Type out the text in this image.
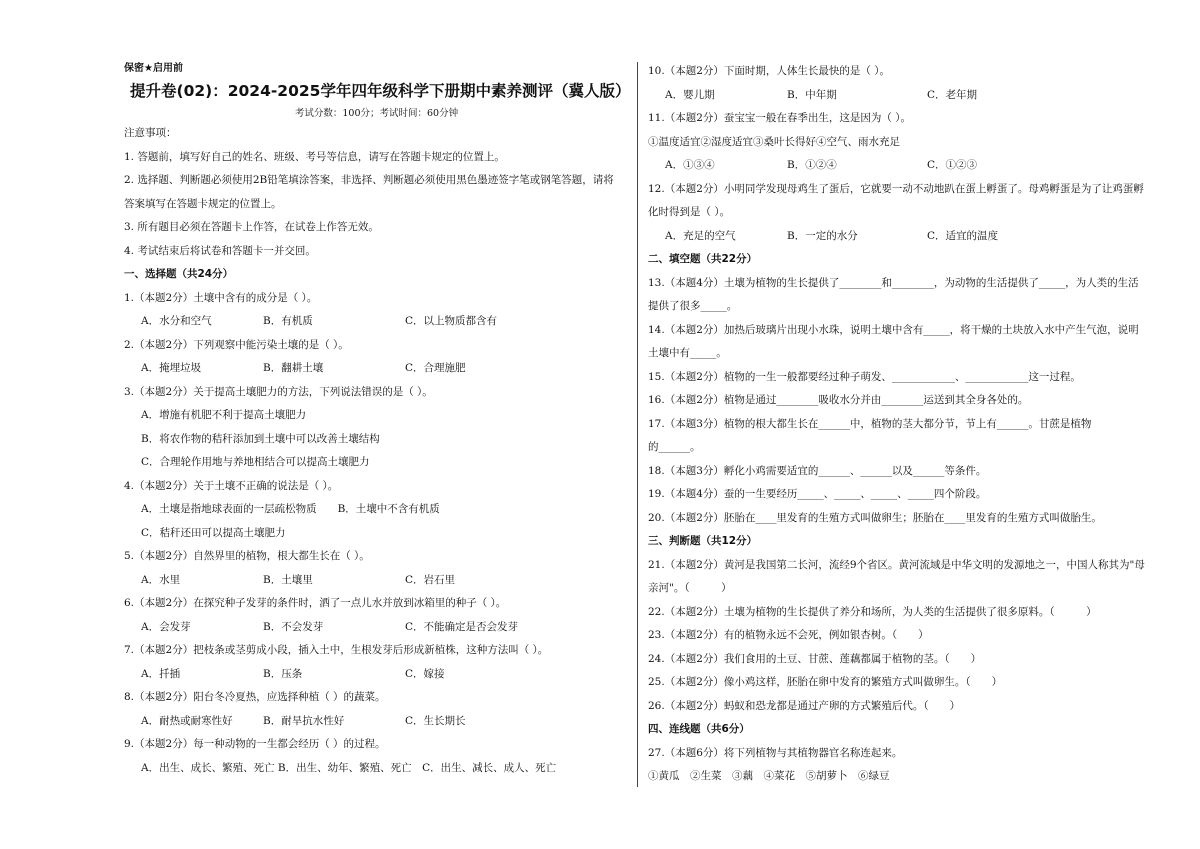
保密★启用前
提升卷(02)：2024-2025学年四年级科学下册期中素养测评（冀人版）
考试分数：100分；考试时间：60分钟
注意事项：
1. 答题前，填写好自己的姓名、班级、考号等信息，请写在答题卡规定的位置上。
2. 选择题、判断题必须使用2B铅笔填涂答案，非选择、判断题必须使用黑色墨迹签字笔或钢笔答题，请将
答案填写在答题卡规定的位置上。
3. 所有题目必须在答题卡上作答，在试卷上作答无效。
4. 考试结束后将试卷和答题卡一并交回。
一、选择题（共24分）
1.（本题2分）土壤中含有的成分是（ ）。
A．水分和空气	B．有机质	C．以上物质都含有
2.（本题2分）下列观察中能污染土壤的是（ ）。
A．掩埋垃圾	B．翻耕土壤	C．合理施肥
3.（本题2分）关于提高土壤肥力的方法，下列说法错误的是（ ）。
A．增施有机肥不利于提高土壤肥力
B．将农作物的秸秆添加到土壤中可以改善土壤结构
C．合理轮作用地与养地相结合可以提高土壤肥力
4.（本题2分）关于土壤不正确的说法是（ ）。
A．土壤是指地球表面的一层疏松物质　　B．土壤中不含有机质
C．秸秆还田可以提高土壤肥力
5.（本题2分）自然界里的植物，根大都生长在（ ）。
A．水里	B．土壤里	C．岩石里
6.（本题2分）在探究种子发芽的条件时，洒了一点儿水并放到冰箱里的种子（ ）。
A．会发芽	B．不会发芽	C．不能确定是否会发芽
7.（本题2分）把枝条或茎剪成小段，插入土中，生根发芽后形成新植株，这种方法叫（ ）。
A．扦插	B．压条	C．嫁接
8.（本题2分）阳台冬冷夏热，应选择种植（ ）的蔬菜。
A．耐热或耐寒性好	B．耐旱抗水性好	C．生长期长
9.（本题2分）每一种动物的一生都会经历（ ）的过程。
A．出生、成长、繁殖、死亡 B．出生、幼年、繁殖、死亡　C．出生、减长、成人、死亡
10.（本题2分）下面时期，人体生长最快的是（ ）。
A．婴儿期	B．中年期	C．老年期
11.（本题2分）蚕宝宝一般在春季出生，这是因为（ ）。
①温度适宜②湿度适宜③桑叶长得好④空气、雨水充足
A．①③④	B．①②④	C．①②③
12.（本题2分）小明同学发现母鸡生了蛋后，它就要一动不动地趴在蛋上孵蛋了。母鸡孵蛋是为了让鸡蛋孵
化时得到是（ ）。
A．充足的空气	B．一定的水分	C．适宜的温度
二、填空题（共22分）
13.（本题4分）土壤为植物的生长提供了________和________，为动物的生活提供了_____，为人类的生活
提供了很多_____。
14.（本题2分）加热后玻璃片出现小水珠，说明土壤中含有_____，将干燥的土块放入水中产生气泡，说明
土壤中有_____。
15.（本题2分）植物的一生一般都要经过种子萌发、____________、____________这一过程。
16.（本题2分）植物是通过________吸收水分并由________运送到其全身各处的。
17.（本题3分）植物的根大都生长在______中，植物的茎大都分节，节上有______。甘蔗是植物
的______。
18.（本题3分）孵化小鸡需要适宜的______、______以及______等条件。
19.（本题4分）蚕的一生要经历_____、_____、_____、_____四个阶段。
20.（本题2分）胚胎在____里发育的生殖方式叫做卵生；胚胎在____里发育的生殖方式叫做胎生。
三、判断题（共12分）
21.（本题2分）黄河是我国第二长河，流经9个省区。黄河流域是中华文明的发源地之一，中国人称其为"母
亲河"。（　　　）
22.（本题2分）土壤为植物的生长提供了养分和场所，为人类的生活提供了很多原料。（　　　）
23.（本题2分）有的植物永远不会死，例如银杏树。（　　）
24.（本题2分）我们食用的土豆、甘蔗、莲藕都属于植物的茎。（　　）
25.（本题2分）像小鸡这样，胚胎在卵中发育的繁殖方式叫做卵生。（　　）
26.（本题2分）蚂蚁和恐龙都是通过产卵的方式繁殖后代。（　　）
四、连线题（共6分）
27.（本题6分）将下列植物与其植物器官名称连起来。
①黄瓜　②生菜　③藕　④菜花　⑤胡萝卜　⑥绿豆
